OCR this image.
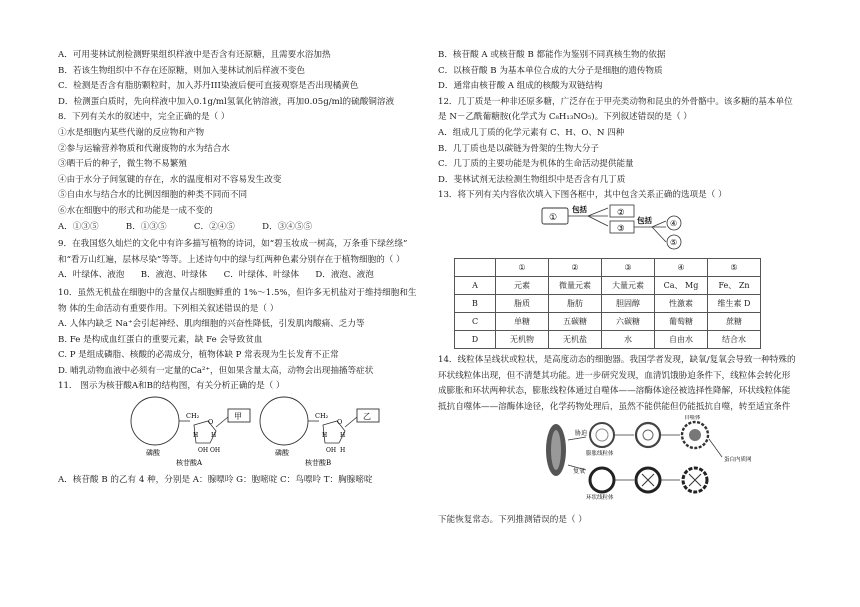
A．可用斐林试剂检测野果组织样液中是否含有还原糖，且需要水浴加热
B．若该生物组织中不存在还原糖，则加入斐林试剂后样液不变色
C．检测是否含有脂肪颗粒时，加入苏丹III染液后便可直接观察是否出现橘黄色
D．检测蛋白质时，先向样液中加入0.1g/ml氢氧化钠溶液，再加0.05g/ml的硫酸铜溶液
8．下列有关水的叙述中，完全正确的是（ ）
①水是细胞内某些代谢的反应物和产物
②参与运输营养物质和代谢废物的水为结合水
③晒干后的种子，微生物不易繁殖
④由于水分子间氢键的存在，水的温度相对不容易发生改变
⑤自由水与结合水的比例因细胞的种类不同而不同
⑥水在细胞中的形式和功能是一成不变的
A．①③⑤          B．①③⑤          C．②④⑤          D．③④⑤⑤
9．在我国悠久灿烂的文化中有许多描写植物的诗词，如“碧玉妆成一树高，万条垂下绿丝绦”
和“看万山红遍，层林尽染”等等。上述诗句中的绿与红两种色素分别存在于植物细胞的（ ）
A．叶绿体、液泡      B．液泡、叶绿体      C．叶绿体、叶绿体      D．液泡、液泡
10．虽然无机盐在细胞中的含量仅占细胞鲜重的 1%～1.5%，但许多无机盐对于维持细胞和生
物 体的生命活动有重要作用。下列相关叙述错误的是（ ）
A. 人体内缺乏 Na⁺会引起神经、肌肉细胞的兴奋性降低，引发肌肉酸痛、乏力等
B. Fe 是构成血红蛋白的重要元素，缺 Fe 会导致贫血
C. P 是组成磷脂、核酸的必需成分，植物体缺 P 常表现为生长发育不正常
D. 哺乳动物血液中必须有一定量的Ca²⁺，但如果含量太高，动物会出现抽搐等症状
11． 图示为核苷酸A和B的结构图，有关分析正确的是（ ）
磷酸
CH₂
O
甲
H H
OH OH
核苷酸A
磷酸
CH₂
O
乙
H H
OH H
核苷酸B
A．核苷酸 B 的乙有 4 种，分别是 A：腺嘌呤 G：胞嘧啶 C：鸟嘌呤 T：胸腺嘧啶
B．核苷酸 A 或核苷酸 B 都能作为鉴别不同真核生物的依据
C．以核苷酸 B 为基本单位合成的大分子是细胞的遗传物质
D．通常由核苷酸 A 组成的核酸为双链结构
12．几丁质是一种非还原多糖，广泛存在于甲壳类动物和昆虫的外骨骼中。该多糖的基本单位
是 N－乙酰葡糖胺(化学式为 C₈H₁₃NO₅)。下列叙述错误的是（ ）
A．组成几丁质的化学元素有 C、H、O、N 四种
B．几丁质也是以碳链为骨架的生物大分子
C．几丁质的主要功能是为机体的生命活动提供能量
D．斐林试剂无法检测生物组织中是否含有几丁质
13．将下列有关内容依次填入下图各框中，其中包含关系正确的选项是（ ）
①
包括	②
③
包括 ④
⑤
	①	②	③	④	⑤
A	元素	微量元素	大量元素	Ca、 Mg	Fe、 Zn
B	脂质	脂肪	胆固醇	性激素	维生素 D
C	单糖	五碳糖	六碳糖	葡萄糖	蔗糖
D	无机物	无机盐	水	自由水	结合水
14．线粒体呈线状或粒状，是高度动态的细胞器。我国学者发现，缺氧/复氧会导致一种特殊的
环状线粒体出现，但不清楚其功能。进一步研究发现，血清饥饿胁迫条件下，线粒体会转化形
成膨胀和环状两种状态，膨胀线粒体通过自噬体——溶酶体途径被选择性降解，环状线粒体能
抵抗自噬体——溶酶体途径，化学药物处理后，虽然不能供能但仍能抵抗自噬，转至适宜条件
胁迫
复氧
膨胀线粒体
自噬体
蛋白内质网
环状线粒体
下能恢复常态。下列推测错误的是（ ）
